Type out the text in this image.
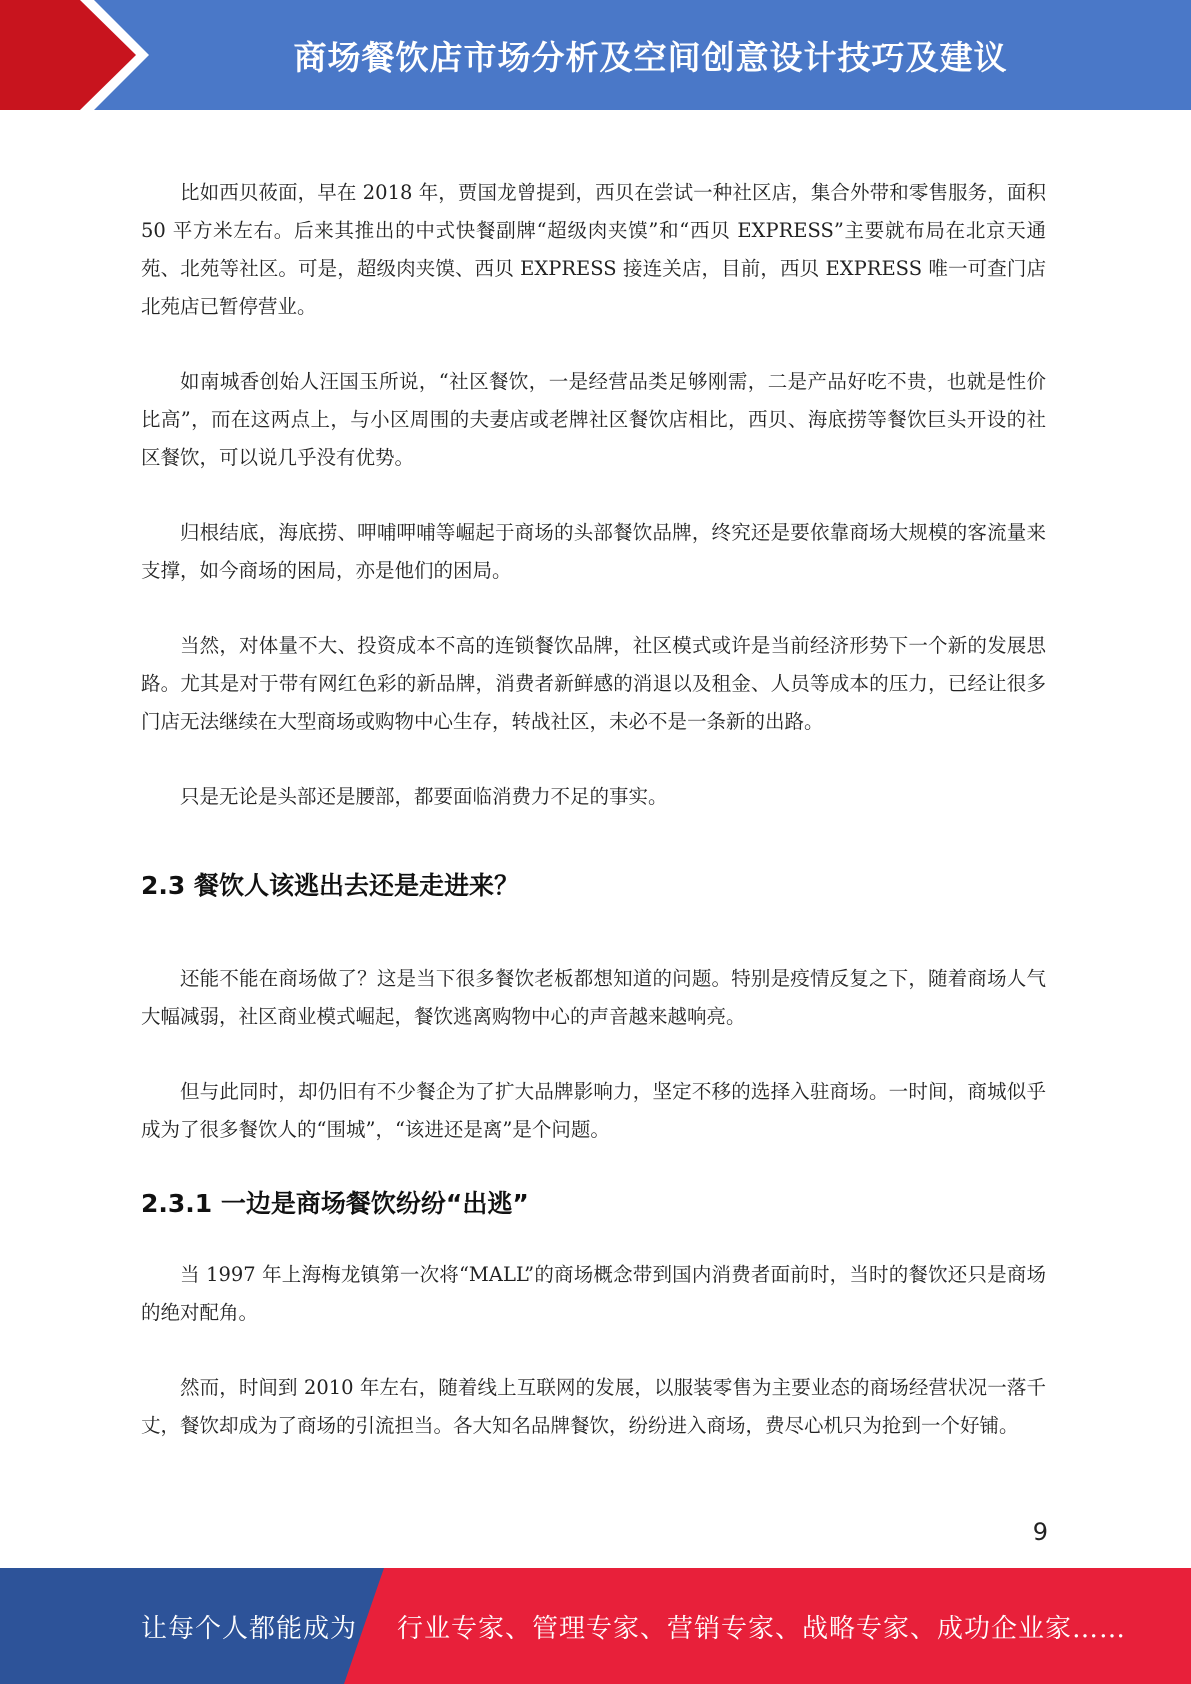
商场餐饮店市场分析及空间创意设计技巧及建议

比如西贝莜面，早在 2018 年，贾国龙曾提到，西贝在尝试一种社区店，集合外带和零售服务，面积 50 平方米左右。后来其推出的中式快餐副牌“超级肉夹馍”和“西贝 EXPRESS”主要就布局在北京天通苑、北苑等社区。可是，超级肉夹馍、西贝 EXPRESS 接连关店，目前，西贝 EXPRESS 唯一可查门店北苑店已暂停营业。

如南城香创始人汪国玉所说，“社区餐饮，一是经营品类足够刚需，二是产品好吃不贵，也就是性价比高”，而在这两点上，与小区周围的夫妻店或老牌社区餐饮店相比，西贝、海底捞等餐饮巨头开设的社区餐饮，可以说几乎没有优势。

归根结底，海底捞、呷哺呷哺等崛起于商场的头部餐饮品牌，终究还是要依靠商场大规模的客流量来支撑，如今商场的困局，亦是他们的困局。

当然，对体量不大、投资成本不高的连锁餐饮品牌，社区模式或许是当前经济形势下一个新的发展思路。尤其是对于带有网红色彩的新品牌，消费者新鲜感的消退以及租金、人员等成本的压力，已经让很多门店无法继续在大型商场或购物中心生存，转战社区，未必不是一条新的出路。

只是无论是头部还是腰部，都要面临消费力不足的事实。

2.3 餐饮人该逃出去还是走进来？

还能不能在商场做了？这是当下很多餐饮老板都想知道的问题。特别是疫情反复之下，随着商场人气大幅减弱，社区商业模式崛起，餐饮逃离购物中心的声音越来越响亮。

但与此同时，却仍旧有不少餐企为了扩大品牌影响力，坚定不移的选择入驻商场。一时间，商城似乎成为了很多餐饮人的“围城”，“该进还是离”是个问题。

2.3.1 一边是商场餐饮纷纷“出逃”

当 1997 年上海梅龙镇第一次将“MALL”的商场概念带到国内消费者面前时，当时的餐饮还只是商场的绝对配角。

然而，时间到 2010 年左右，随着线上互联网的发展，以服装零售为主要业态的商场经营状况一落千丈，餐饮却成为了商场的引流担当。各大知名品牌餐饮，纷纷进入商场，费尽心机只为抢到一个好铺。

9
让每个人都能成为 行业专家、管理专家、营销专家、战略专家、成功企业家……
